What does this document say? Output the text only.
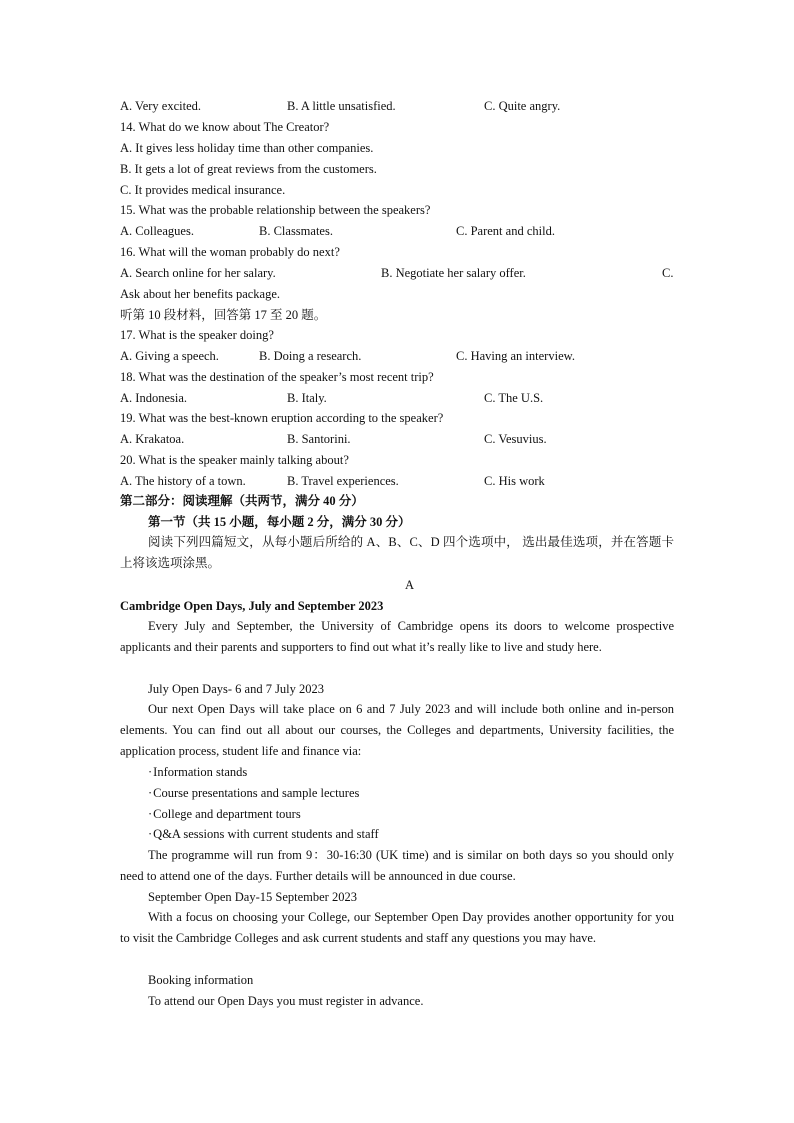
A. Very excited.	B. A little unsatisfied.	C. Quite angry.
14. What do we know about The Creator?
A. It gives less holiday time than other companies.
B. It gets a lot of great reviews from the customers.
C. It provides medical insurance.
15. What was the probable relationship between the speakers?
A. Colleagues.	B. Classmates.	C. Parent and child.
16. What will the woman probably do next?
A. Search online for her salary.	B. Negotiate her salary offer.	C.
Ask about her benefits package.
听第 10 段材料，回答第 17 至 20 题。
17. What is the speaker doing?
A. Giving a speech.	B. Doing a research.	C. Having an interview.
18. What was the destination of the speaker’s most recent trip?
A. Indonesia.	B. Italy.	C. The U.S.
19. What was the best-known eruption according to the speaker?
A. Krakatoa.	B. Santorini.	C. Vesuvius.
20. What is the speaker mainly talking about?
A. The history of a town.	B. Travel experiences.	C. His work
第二部分：阅读理解（共两节，满分 40 分）
第一节（共 15 小题，每小题 2 分，满分 30 分）
阅读下列四篇短文，从每小题后所给的 A、B、C、D 四个选项中， 选出最佳选项，并在答题卡上将该选项涂黑。
A
Cambridge Open Days, July and September 2023
Every July and September, the University of Cambridge opens its doors to welcome prospective applicants and their parents and supporters to find out what it’s really like to live and study here.
July Open Days- 6 and 7 July 2023
Our next Open Days will take place on 6 and 7 July 2023 and will include both online and in-person elements. You can find out all about our courses, the Colleges and departments, University facilities, the application process, student life and finance via:
·Information stands
·Course presentations and sample lectures
·College and department tours
·Q&A sessions with current students and staff
The programme will run from 9：30-16:30 (UK time) and is similar on both days so you should only need to attend one of the days. Further details will be announced in due course.
September Open Day-15 September 2023
With a focus on choosing your College, our September Open Day provides another opportunity for you to visit the Cambridge Colleges and ask current students and staff any questions you may have.
Booking information
To attend our Open Days you must register in advance.
